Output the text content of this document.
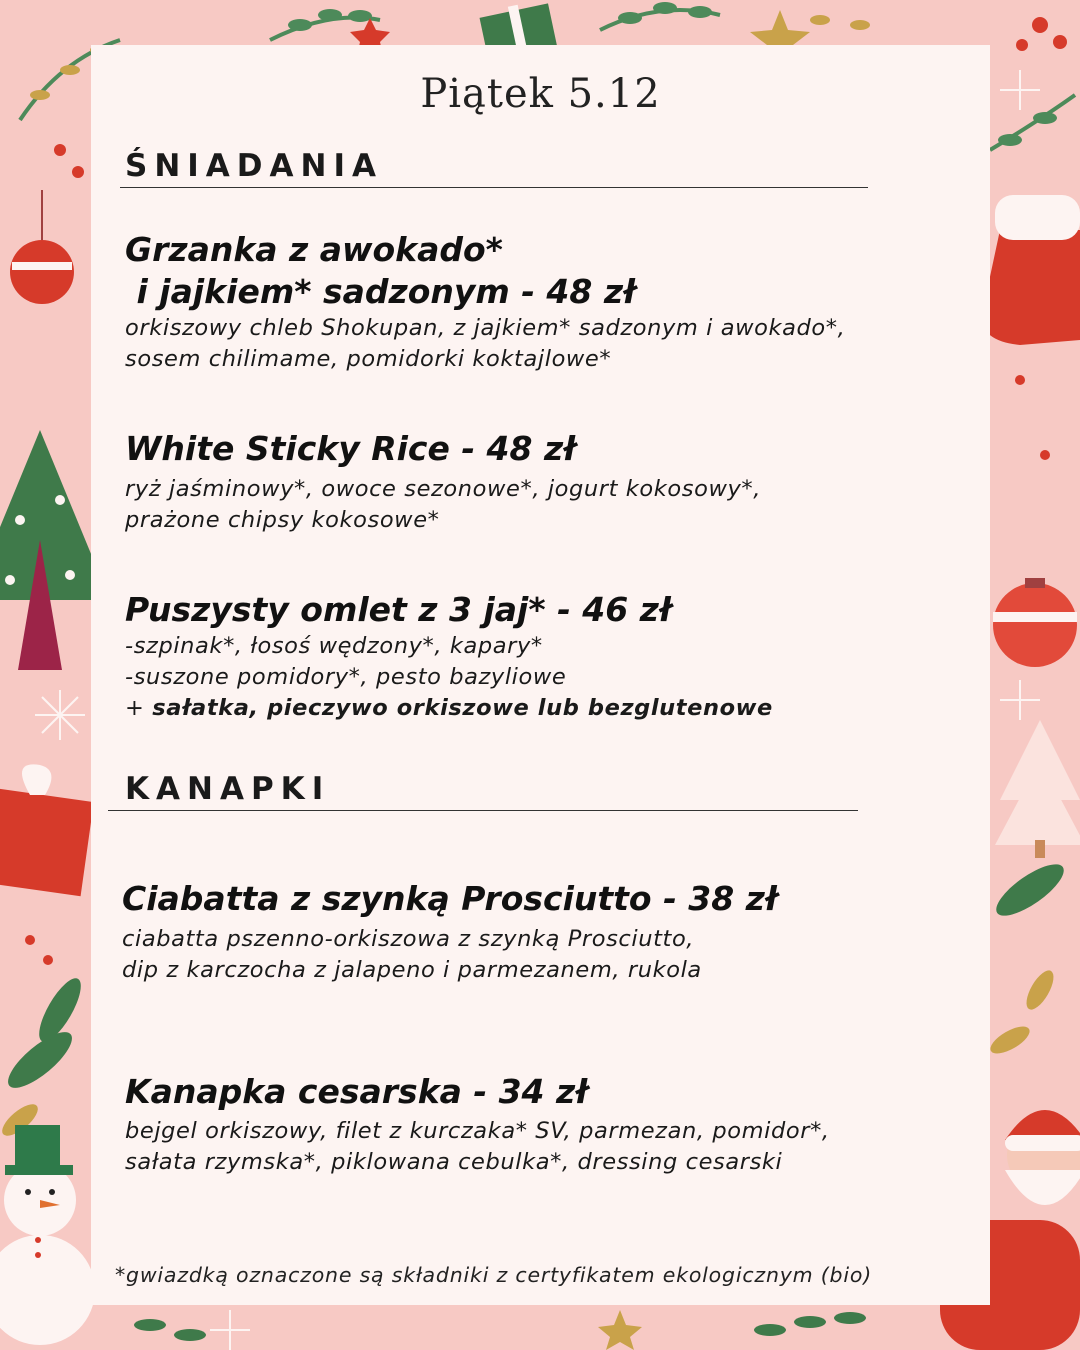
Piątek 5.12
ŚNIADANIA
Grzanka z awokado*
i jajkiem* sadzonym - 48 zł
orkiszowy chleb Shokupan, z jajkiem* sadzonym i awokado*,
sosem chilimame, pomidorki koktajlowe*
White Sticky Rice - 48 zł
ryż jaśminowy*, owoce sezonowe*, jogurt kokosowy*,
prażone chipsy kokosowe*
Puszysty omlet z 3 jaj* - 46 zł
-szpinak*, łosoś wędzony*, kapary*
-suszone pomidory*, pesto bazyliowe
+ sałatka, pieczywo orkiszowe lub bezglutenowe
KANAPKI
Ciabatta z szynką Prosciutto - 38 zł
ciabatta pszenno-orkiszowa z szynką Prosciutto,
dip z karczocha z jalapeno i parmezanem, rukola
Kanapka cesarska - 34 zł
bejgel orkiszowy, filet z kurczaka* SV, parmezan, pomidor*,
sałata rzymska*, piklowana cebulka*, dressing cesarski
*gwiazdką oznaczone są składniki z certyfikatem ekologicznym (bio)
